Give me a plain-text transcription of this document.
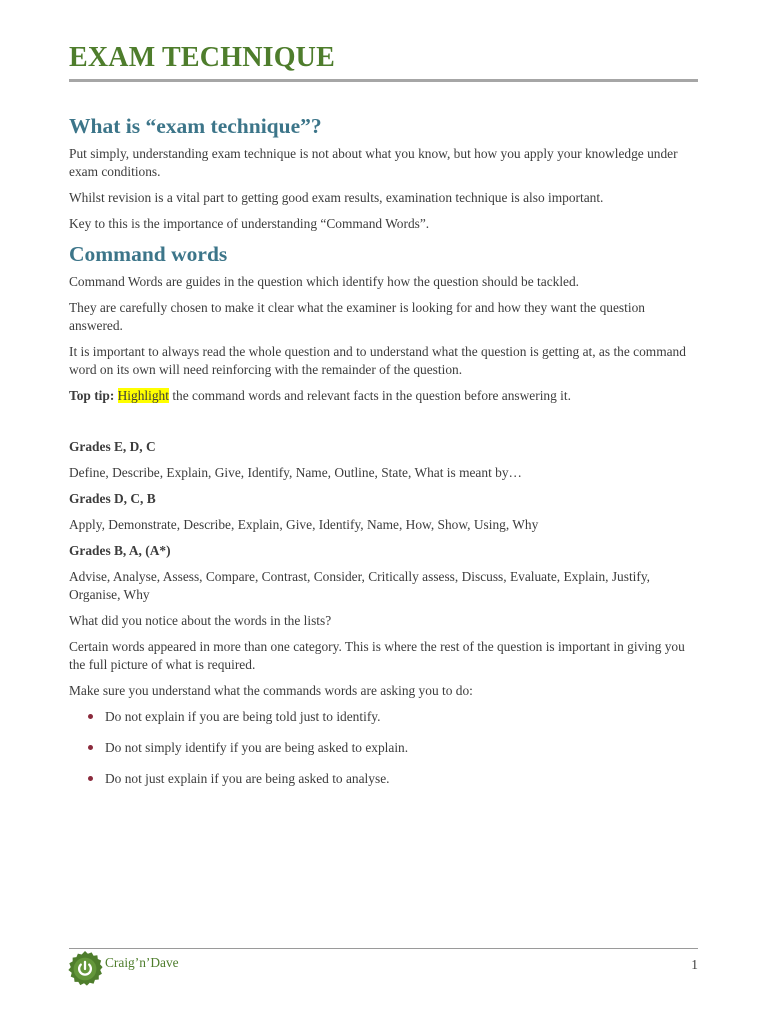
EXAM TECHNIQUE
What is “exam technique”?

Put simply, understanding exam technique is not about what you know, but how you apply your knowledge under exam conditions.

Whilst revision is a vital part to getting good exam results, examination technique is also important.

Key to this is the importance of understanding “Command Words”.

Command words

Command Words are guides in the question which identify how the question should be tackled.

They are carefully chosen to make it clear what the examiner is looking for and how they want the question answered.

It is important to always read the whole question and to understand what the question is getting at, as the command word on its own will need reinforcing with the remainder of the question.

Top tip: Highlight the command words and relevant facts in the question before answering it.

Grades E, D, C

Define, Describe, Explain, Give, Identify, Name, Outline, State, What is meant by…

Grades D, C, B

Apply, Demonstrate, Describe, Explain, Give, Identify, Name, How, Show, Using, Why

Grades B, A, (A*)

Advise, Analyse, Assess, Compare, Contrast, Consider, Critically assess, Discuss, Evaluate, Explain, Justify, Organise, Why

What did you notice about the words in the lists?

Certain words appeared in more than one category. This is where the rest of the question is important in giving you the full picture of what is required.

Make sure you understand what the commands words are asking you to do:

Do not explain if you are being told just to identify.
Do not simply identify if you are being asked to explain.
Do not just explain if you are being asked to analyse.
Craig’n’Dave	1
